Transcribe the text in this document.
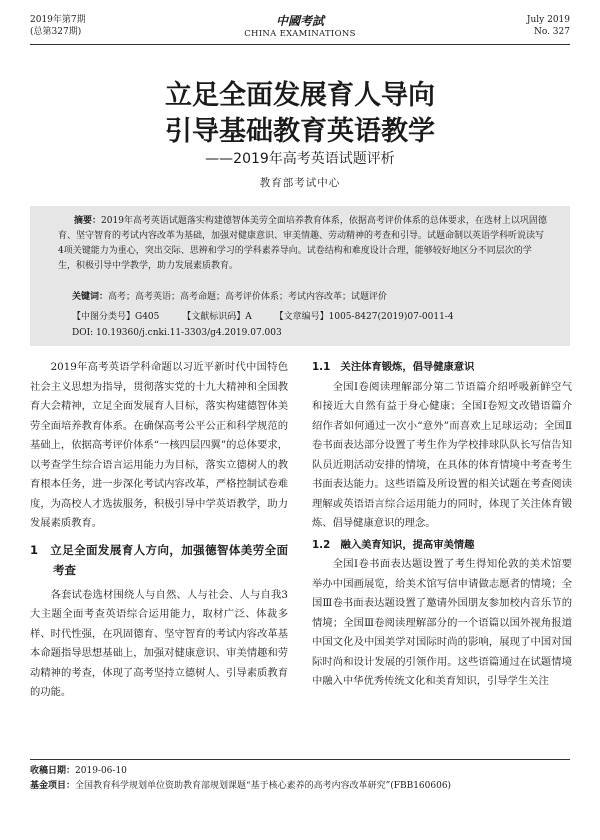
2019年第7期
(总第327期)
中國考試
CHINA EXAMINATIONS
July 2019
No. 327
立足全面发展育人导向
引导基础教育英语教学
——2019年高考英语试题评析
教育部考试中心
摘要：2019年高考英语试题落实构建德智体美劳全面培养教育体系，依据高考评价体系的总体要求，在选材上以巩固德育、坚守智育的考试内容改革为基础，加强对健康意识、审美情趣、劳动精神的考查和引导。试题命制以英语学科听说读写4项关键能力为重心，突出交际、思辨和学习的学科素养导向。试卷结构和难度设计合理，能够较好地区分不同层次的学生，积极引导中学教学，助力发展素质教育。
关键词：高考；高考英语；高考命题；高考评价体系；考试内容改革；试题评价
【中图分类号】G405	【文献标识码】A	【文章编号】1005-8427(2019)07-0011-4
DOI: 10.19360/j.cnki.11-3303/g4.2019.07.003

2019年高考英语学科命题以习近平新时代中国特色社会主义思想为指导，贯彻落实党的十九大精神和全国教育大会精神，立足全面发展育人目标，落实构建德智体美劳全面培养教育体系。在确保高考公平公正和科学规范的基础上，依据高考评价体系“一核四层四翼”的总体要求，以考查学生综合语言运用能力为目标，落实立德树人的教育根本任务，进一步深化考试内容改革，严格控制试卷难度，为高校人才选拔服务，积极引导中学英语教学，助力发展素质教育。

1　立足全面发展育人方向，加强德智体美劳全面考查

各套试卷选材围绕人与自然、人与社会、人与自我3大主题全面考查英语综合运用能力，取材广泛、体裁多样、时代性强，在巩固德育、坚守智育的考试内容改革基本命题指导思想基础上，加强对健康意识、审美情趣和劳动精神的考查，体现了高考坚持立德树人、引导素质教育的功能。

1.1　关注体育锻炼，倡导健康意识

全国Ⅰ卷阅读理解部分第二节语篇介绍呼吸新鲜空气和接近大自然有益于身心健康；全国Ⅰ卷短文改错语篇介绍作者如何通过一次小“意外”而喜欢上足球运动；全国Ⅱ卷书面表达部分设置了考生作为学校排球队队长写信告知队员近期活动安排的情境，在具体的体育情境中考查考生书面表达能力。这些语篇及所设置的相关试题在考查阅读理解或英语语言综合运用能力的同时，体现了关注体育锻炼、倡导健康意识的理念。

1.2　融入美育知识，提高审美情趣

全国Ⅰ卷书面表达题设置了考生得知伦敦的美术馆要举办中国画展览，给美术馆写信申请做志愿者的情境；全国Ⅲ卷书面表达题设置了邀请外国朋友参加校内音乐节的情境；全国Ⅲ卷阅读理解部分的一个语篇以国外视角报道中国文化及中国美学对国际时尚的影响，展现了中国对国际时尚和设计发展的引领作用。这些语篇通过在试题情境中融入中华优秀传统文化和美育知识，引导学生关注

收稿日期：2019-06-10
基金项目：全国教育科学规划单位资助教育部规划课题“基于核心素养的高考内容改革研究”(FBB160606)
